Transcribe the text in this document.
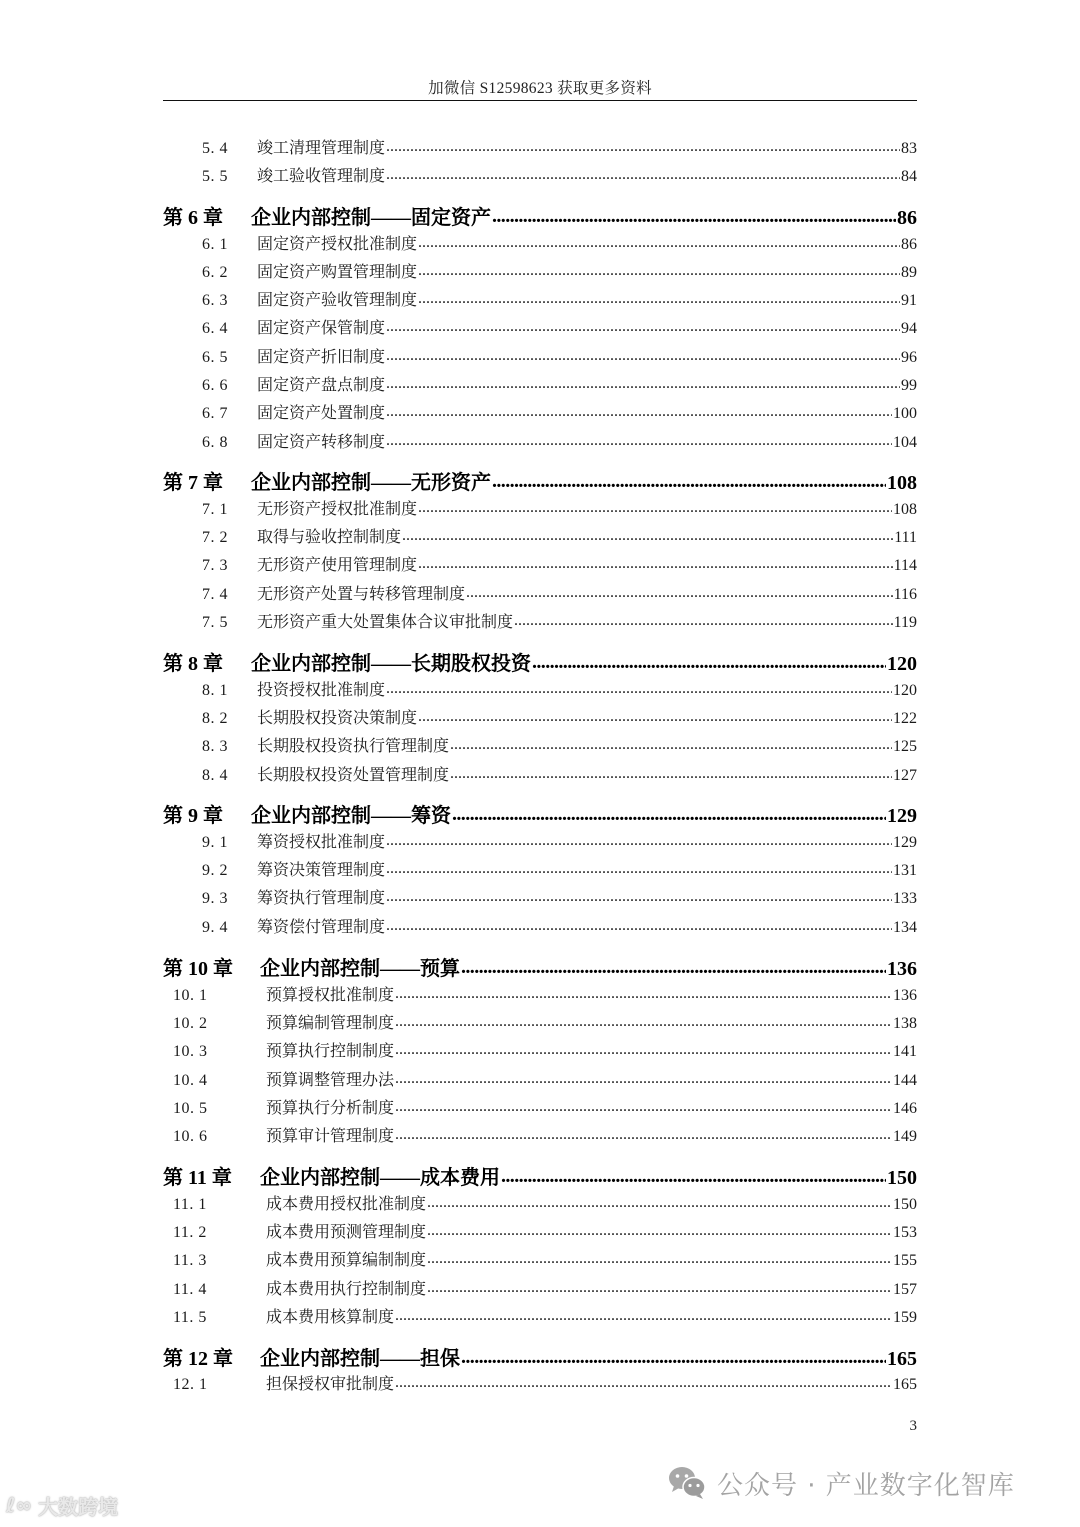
加微信 S12598623 获取更多资料
5. 4	竣工清理管理制度 .....	83
5. 5	竣工验收管理制度 .....	84
第 6 章	企业内部控制——固定资产 .....	86
6. 1	固定资产授权批准制度 .....	86
6. 2	固定资产购置管理制度 .....	89
6. 3	固定资产验收管理制度 .....	91
6. 4	固定资产保管制度 .....	94
6. 5	固定资产折旧制度 .....	96
6. 6	固定资产盘点制度 .....	99
6. 7	固定资产处置制度 .....	100
6. 8	固定资产转移制度 .....	104
第 7 章	企业内部控制——无形资产 .....	108
7. 1	无形资产授权批准制度 .....	108
7. 2	取得与验收控制制度 .....	111
7. 3	无形资产使用管理制度 .....	114
7. 4	无形资产处置与转移管理制度 .....	116
7. 5	无形资产重大处置集体合议审批制度 .....	119
第 8 章	企业内部控制——长期股权投资 .....	120
8. 1	投资授权批准制度 .....	120
8. 2	长期股权投资决策制度 .....	122
8. 3	长期股权投资执行管理制度 .....	125
8. 4	长期股权投资处置管理制度 .....	127
第 9 章	企业内部控制——筹资 .....	129
9. 1	筹资授权批准制度 .....	129
9. 2	筹资决策管理制度 .....	131
9. 3	筹资执行管理制度 .....	133
9. 4	筹资偿付管理制度 .....	134
第 10 章	企业内部控制——预算 .....	136
10. 1	预算授权批准制度 .....	136
10. 2	预算编制管理制度 .....	138
10. 3	预算执行控制制度 .....	141
10. 4	预算调整管理办法 .....	144
10. 5	预算执行分析制度 .....	146
10. 6	预算审计管理制度 .....	149
第 11 章	企业内部控制——成本费用 .....	150
11. 1	成本费用授权批准制度 .....	150
11. 2	成本费用预测管理制度 .....	153
11. 3	成本费用预算编制制度 .....	155
11. 4	成本费用执行控制制度 .....	157
11. 5	成本费用核算制度 .....	159
第 12 章	企业内部控制——担保 .....	165
12. 1	担保授权审批制度 .....	165
3
公众号 · 产业数字化智库
ℓ∞ 大数跨境
